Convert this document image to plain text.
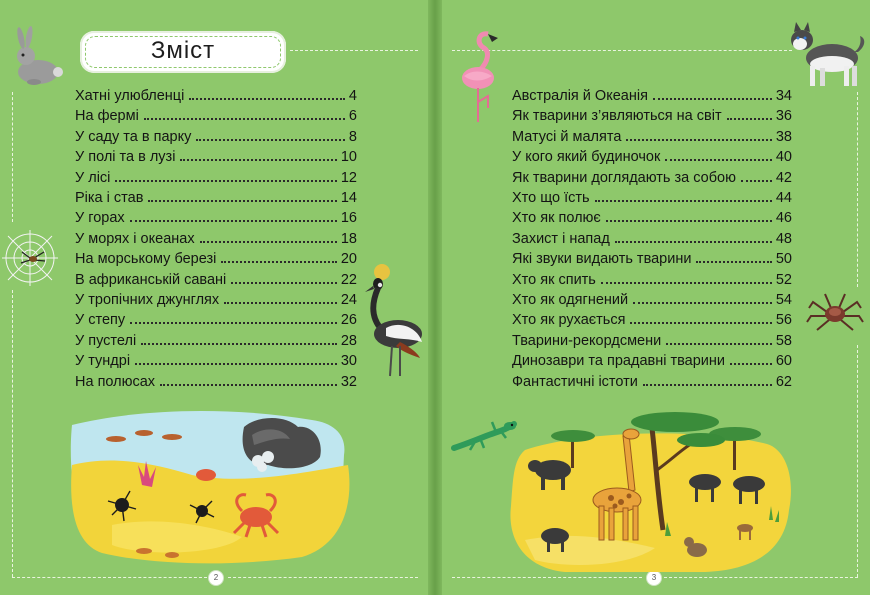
Зміст
Хатні улюбленці	4
На фермі	6
У саду та в парку	8
У полі та в лузі	10
У лісі	12
Ріка і став	14
У горах	16
У морях і океанах	18
На морському березі	20
В африканській савані	22
У тропічних джунглях	24
У степу	26
У пустелі	28
У тундрі	30
На полюсах	32
Австралія й Океанія	34
Як тварини з’являються на світ	36
Матусі й малята	38
У кого який будиночок	40
Як тварини доглядають за собою	42
Хто що їсть	44
Хто як полює	46
Захист і напад	48
Які звуки видають тварини	50
Хто як спить	52
Хто як одягнений	54
Хто як рухається	56
Тварини-рекордсмени	58
Динозаври та прадавні тварини	60
Фантастичні істоти	62
2	3
